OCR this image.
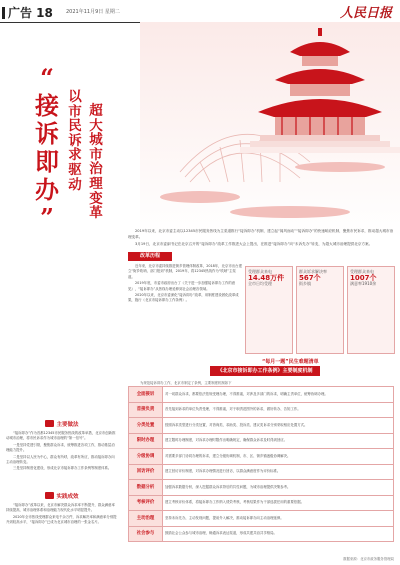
广告 18	2021年11月9日 星期二	人民日报
“
接
诉
即
办
”
以
市
民
诉
求
驱
动
超
大
城
市
治
理
变
革

2019年以来，北京市委主动以12345市民服务热线为主渠道推行“接诉即办”机制，建立起“闻风而动”“接诉即办”的快速响应机制，聚焦市民诉求，推动超大城市治理变革。

3月19日，北京市委副书记在北京召开的“接诉即办”改革工作推进大会上提出，在推进“接诉即办”向“未诉先办”转变，为超大城市治理提供北京方案。

改革历程

近年来，北京市委持续推进街乡管理体制改革，2018年，北京市出台建立“街乡吹哨、部门报到”机制，2019年，将12345热线作为“吹哨”主渠道。

2019年底，市委市政府出台了《关于进一步加强接诉即办工作的意见》，“接诉即办”从热线办理延伸到社会治理各领域。

2020年以来，北京市委深化“接诉即办”改革，用制度建设固化改革成果，施行《北京市接诉即办工作条例》。

受理群众来电
14.48万件
全市日均受理
群众诉求解决率
567个
街乡镇
受理群众来电
1007个
满意率1910余
“每月一题”民生难题清单
主要做法

“接诉即办”作为首都12345市民服务热线的改革举措，北京市创新推动城市治理，将市民诉求作为城市治理的“第一信号”。

一是坚持党建引领，聚焦群众诉求，统筹推进各项工作，推动基层治理能力提升。

二是坚持以人民为中心，群众有所呼，改革有所应，推动接诉即办向主动治理转变。

三是坚持制度化建设，形成北京市接诉即办工作条例等制度体系。

实践成效

“接诉即办”改革以来，北京市解决群众诉求率不断提升，群众满意率持续提高，城市治理体系和治理能力现代化水平明显提升。

2020年全市热线受理群众来电千余万件，诉求解决率和满意率分别提升到较高水平，“接诉即办”已成为北京城市治理的一张金名片。

《北京市接诉即办工作条例》主要制度机制
为规范接诉即办工作，北京市制定了条例，主要制度机制如下
全面接诉	对一切群众诉求，都要依法依规受理办理，不得推诿，对涉及多部门的诉求，明确主责单位，统筹协调办理。
首接负责	首先接到诉求的单位负责受理，不得推诿，对于职责范围外的诉求，做好转办、告知工作。
分类处置	按照诉求类型进行分类处置，对咨询类、求助类、投诉类、建议类诉求分别采取相应处置方式。
限时办理	建立限时办理制度，对诉求办理时限作出明确规定，确保群众诉求及时得到回应。
分级协调	对需要多部门协同办理的诉求，建立分级协调机制，市、区、街乡镇逐级协调解决。
回访评价	建立回访评价制度，对诉求办理情况进行回访，以群众满意度作为评价标准。
数据分析	加强诉求数据分析，深入挖掘群众诉求背后的共性问题，为城市治理提供决策参考。
考核评价	建立考核评价体系，将接诉即办工作纳入绩效考核，考核结果作为干部选拔任用的重要依据。
主动治理	坚持未诉先办，主动发现问题，提前介入解决，推动接诉即办向主动治理延伸。
社会参与	鼓励社会公众参与城市治理，畅通诉求表达渠道，形成共建共治共享格局。
数据来源：北京市政务服务管理局
